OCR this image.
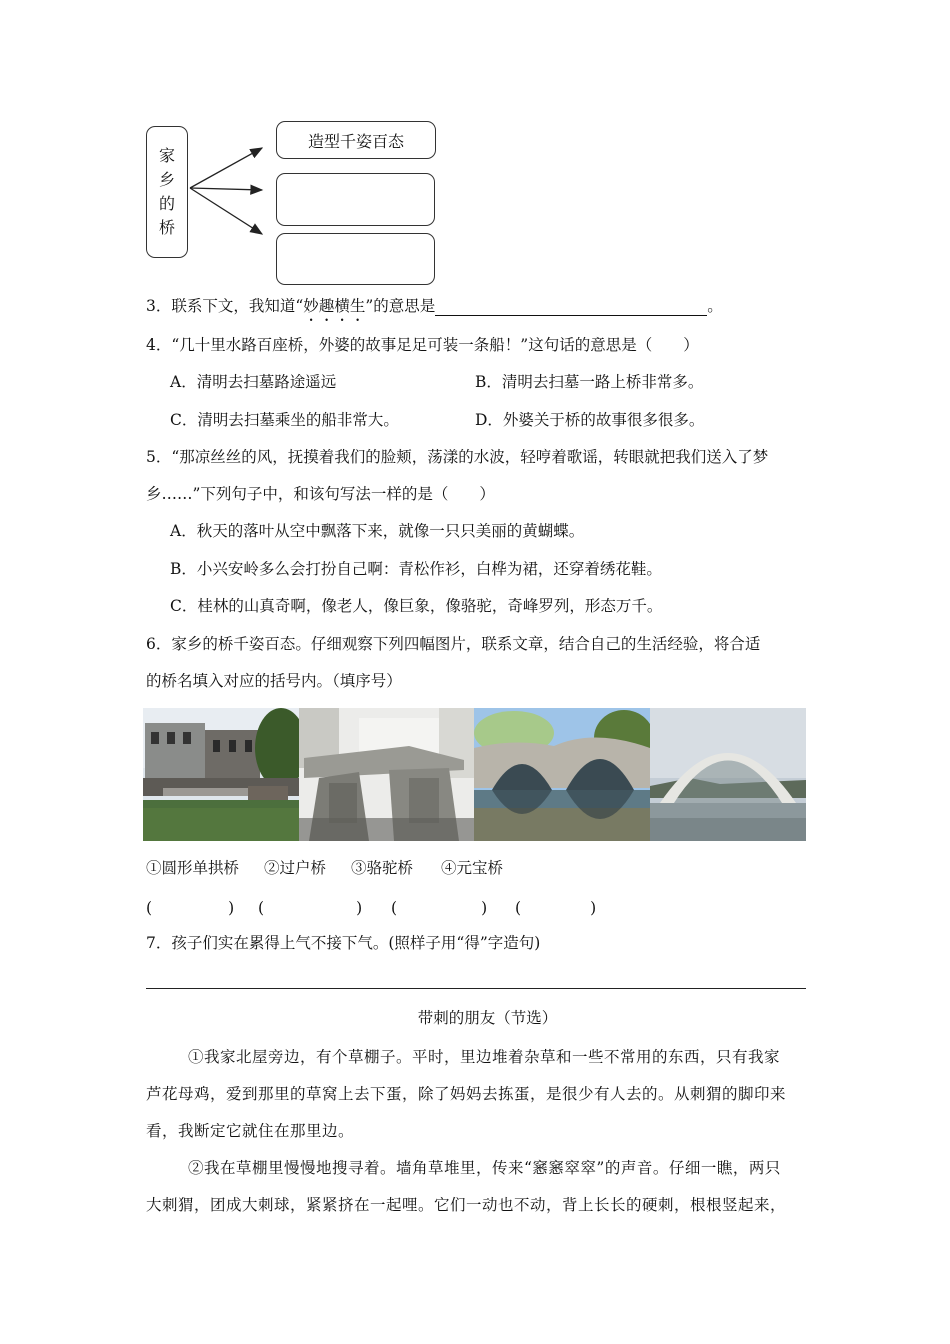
家
乡
的
桥
造型千姿百态
3．联系下文，我知道“妙趣横生”的意思是	。
4．“几十里水路百座桥，外婆的故事足足可装一条船！”这句话的意思是（　　）
A．清明去扫墓路途遥远	B．清明去扫墓一路上桥非常多。
C．清明去扫墓乘坐的船非常大。	D．外婆关于桥的故事很多很多。
5．“那凉丝丝的风，抚摸着我们的脸颊，荡漾的水波，轻哼着歌谣，转眼就把我们送入了梦
乡……”下列句子中，和该句写法一样的是（　　）
A．秋天的落叶从空中飘落下来，就像一只只美丽的黄蝴蝶。
B．小兴安岭多么会打扮自己啊：青松作衫，白桦为裙，还穿着绣花鞋。
C．桂林的山真奇啊，像老人，像巨象，像骆驼，奇峰罗列，形态万千。
6．家乡的桥千姿百态。仔细观察下列四幅图片，联系文章，结合自己的生活经验，将合适
的桥名填入对应的括号内。（填序号）
①圆形单拱桥 ②过户桥 ③骆驼桥 ④元宝桥
(	) (	) (	) (	)
7．孩子们实在累得上气不接下气。(照样子用“得”字造句)
带刺的朋友（节选）
①我家北屋旁边，有个草棚子。平时，里边堆着杂草和一些不常用的东西，只有我家
芦花母鸡，爱到那里的草窝上去下蛋，除了妈妈去拣蛋，是很少有人去的。从刺猬的脚印来
看，我断定它就住在那里边。
②我在草棚里慢慢地搜寻着。墙角草堆里，传来“窸窸窣窣”的声音。仔细一瞧，两只
大刺猬，团成大刺球，紧紧挤在一起哩。它们一动也不动，背上长长的硬刺，根根竖起来，
